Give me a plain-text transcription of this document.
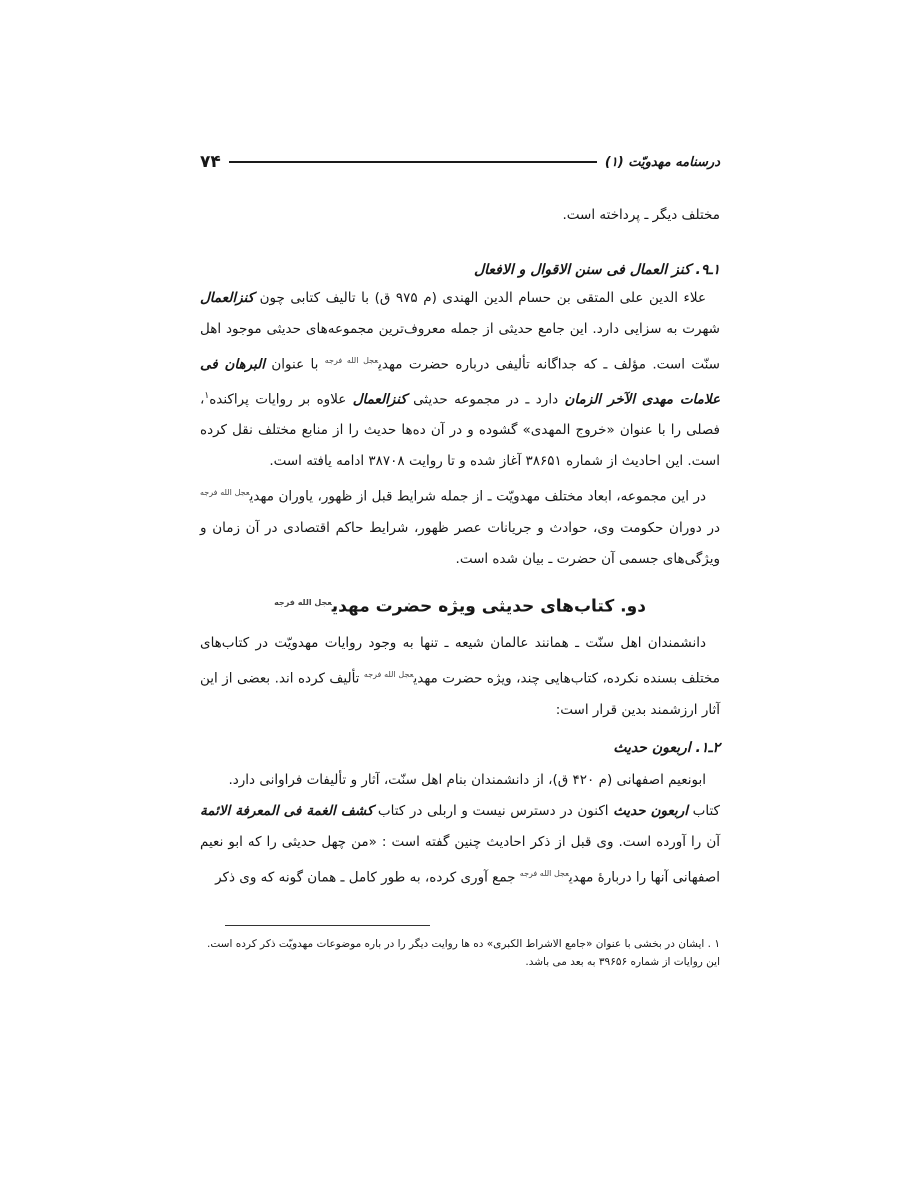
۷۴	درسنامه مهدویّت (۱)

مختلف دیگر ـ پرداخته است.

۱ـ۹. کنز العمال فی سنن الاقوال و الافعال

علاء الدین علی المتقی بن حسام الدین الهندی (م ۹۷۵ ق) با تالیف کتابی چون کنزالعمال شهرت به سزایی دارد. این جامع حدیثی از جمله معروف‌ترین مجموعه‌های حدیثی موجود اهل سنّت است. مؤلف ـ که جداگانه تألیفی درباره حضرت مهدی$^{عجل الله فرجه}$ با عنوان البرهان فی علامات مهدی الآخر الزمان دارد ـ در مجموعه حدیثی کنزالعمال علاوه بر روایات پراکنده$^۱$، فصلی را با عنوان «خروج المهدی» گشوده و در آن ده‌ها حدیث را از منابع مختلف نقل کرده است. این احادیث از شماره ۳۸۶۵۱ آغاز شده و تا روایت ۳۸۷۰۸ ادامه یافته است.

در این مجموعه، ابعاد مختلف مهدویّت ـ از جمله شرایط قبل از ظهور، یاوران مهدی$^{عجل الله فرجه}$ در دوران حکومت وی، حوادث و جریانات عصر ظهور، شرایط حاکم اقتصادی در آن زمان و ویژگی‌های جسمی آن حضرت ـ بیان شده است.

دو. کتاب‌های حدیثی ویژه حضرت مهدی$^{عجل الله فرجه}$

دانشمندان اهل سنّت ـ همانند عالمان شیعه ـ تنها به وجود روایات مهدویّت در کتاب‌های مختلف بسنده نکرده، کتاب‌هایی چند، ویژه حضرت مهدی$^{عجل الله فرجه}$ تألیف کرده اند. بعضی از این آثار ارزشمند بدین قرار است:

۲ـ۱. اربعون حدیث

ابونعیم اصفهانی (م ۴۲۰ ق)، از دانشمندان بنام اهل سنّت، آثار و تألیفات فراوانی دارد.

کتاب اربعون حدیث اکنون در دسترس نیست و اربلی در کتاب کشف الغمة فی المعرفة الائمة آن را آورده است. وی قبل از ذکر احادیث چنین گفته است : «من چهل حدیثی را که ابو نعیم اصفهانی آنها را دربارهٔ مهدی$^{عجل الله فرجه}$ جمع آوری کرده، به طور کامل ـ همان گونه که وی ذکر

۱ . ایشان در بخشی با عنوان «جامع الاشراط الکبری» ده ها روایت دیگر را در باره موضوعات مهدویّت ذکر کرده است. این روایات از شماره ۳۹۶۵۶ به بعد می باشد.
